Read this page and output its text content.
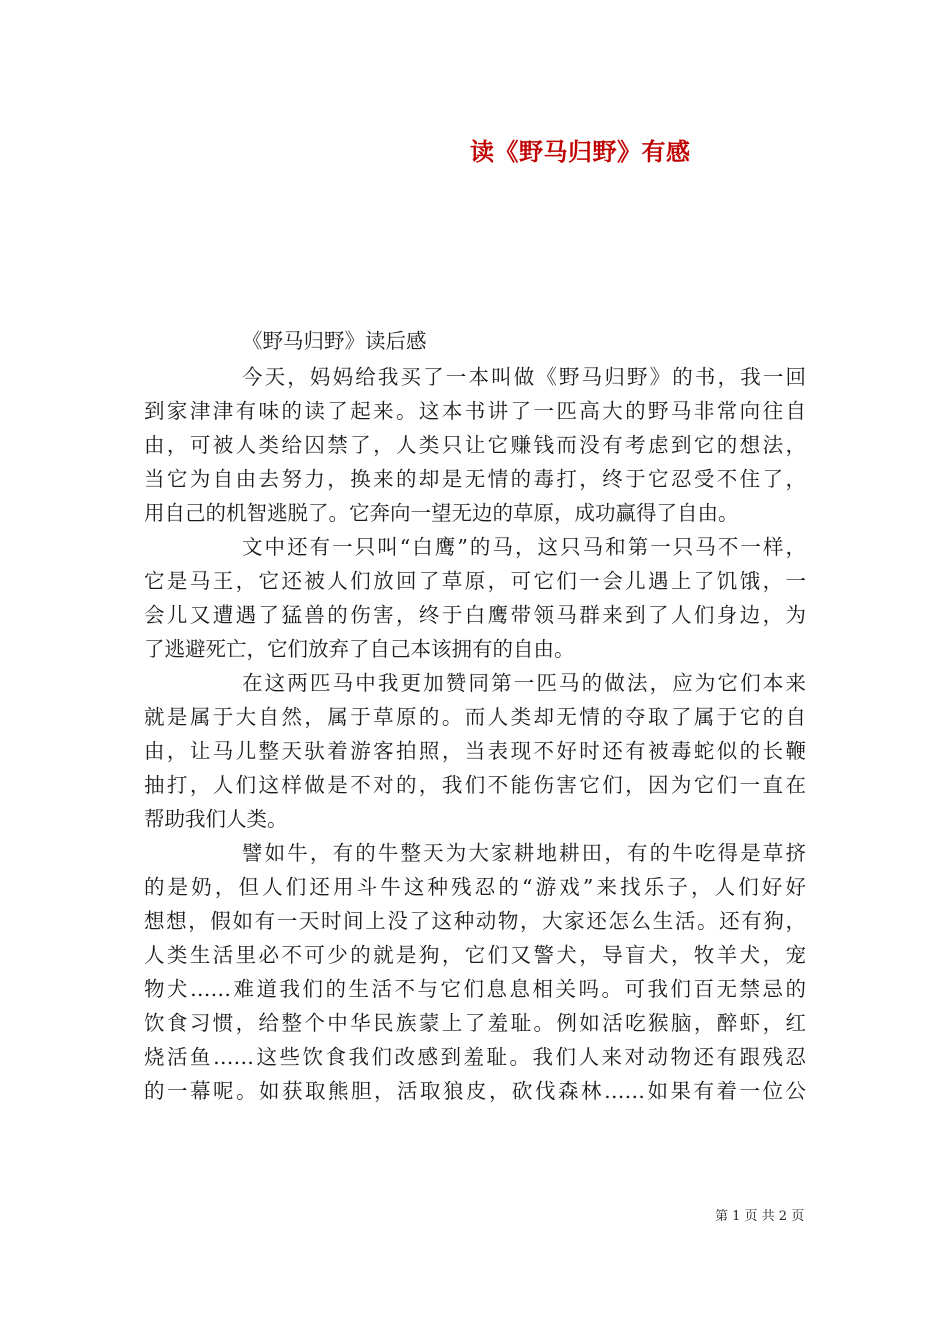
读《野马归野》有感
《野马归野》读后感
今天，妈妈给我买了一本叫做《野马归野》的书，我一回
到家津津有味的读了起来。这本书讲了一匹高大的野马非常向往自
由，可被人类给囚禁了，人类只让它赚钱而没有考虑到它的想法，
当它为自由去努力，换来的却是无情的毒打，终于它忍受不住了，
用自己的机智逃脱了。它奔向一望无边的草原，成功赢得了自由。
文中还有一只叫“白鹰”的马，这只马和第一只马不一样，
它是马王，它还被人们放回了草原，可它们一会儿遇上了饥饿，一
会儿又遭遇了猛兽的伤害，终于白鹰带领马群来到了人们身边，为
了逃避死亡，它们放弃了自己本该拥有的自由。
在这两匹马中我更加赞同第一匹马的做法，应为它们本来
就是属于大自然，属于草原的。而人类却无情的夺取了属于它的自
由，让马儿整天驮着游客拍照，当表现不好时还有被毒蛇似的长鞭
抽打，人们这样做是不对的，我们不能伤害它们，因为它们一直在
帮助我们人类。
譬如牛，有的牛整天为大家耕地耕田，有的牛吃得是草挤
的是奶，但人们还用斗牛这种残忍的“游戏”来找乐子，人们好好
想想，假如有一天时间上没了这种动物，大家还怎么生活。还有狗，
人类生活里必不可少的就是狗，它们又警犬，导盲犬，牧羊犬，宠
物犬……难道我们的生活不与它们息息相关吗。可我们百无禁忌的
饮食习惯，给整个中华民族蒙上了羞耻。例如活吃猴脑，醉虾，红
烧活鱼……这些饮食我们改感到羞耻。我们人来对动物还有跟残忍
的一幕呢。如获取熊胆，活取狼皮，砍伐森林……如果有着一位公
第 1 页 共 2 页
